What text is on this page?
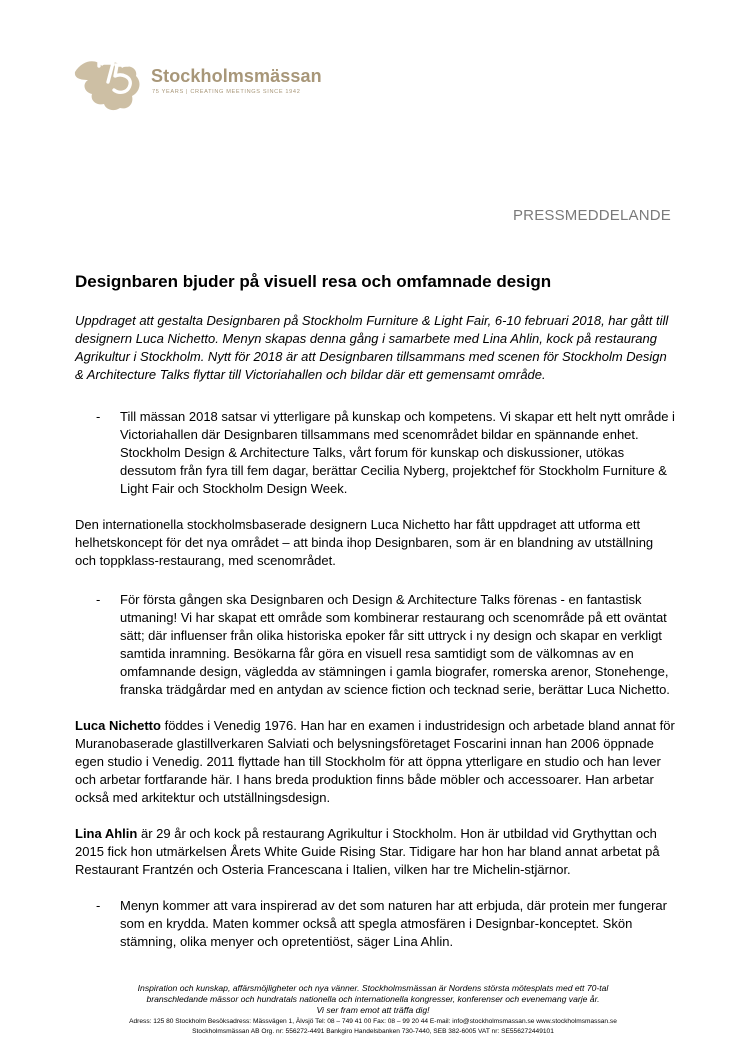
Stockholmsmässan
75 YEARS | CREATING MEETINGS SINCE 1942
PRESSMEDDELANDE
Designbaren bjuder på visuell resa och omfamnade design

Uppdraget att gestalta Designbaren på Stockholm Furniture & Light Fair, 6-10 februari 2018, har gått till designern Luca Nichetto. Menyn skapas denna gång i samarbete med Lina Ahlin, kock på restaurang Agrikultur i Stockholm. Nytt för 2018 är att Designbaren tillsammans med scenen för Stockholm Design & Architecture Talks flyttar till Victoriahallen och bildar där ett gemensamt område.

- Till mässan 2018 satsar vi ytterligare på kunskap och kompetens. Vi skapar ett helt nytt område i Victoriahallen där Designbaren tillsammans med scenområdet bildar en spännande enhet. Stockholm Design & Architecture Talks, vårt forum för kunskap och diskussioner, utökas dessutom från fyra till fem dagar, berättar Cecilia Nyberg, projektchef för Stockholm Furniture & Light Fair och Stockholm Design Week.

Den internationella stockholmsbaserade designern Luca Nichetto har fått uppdraget att utforma ett helhetskoncept för det nya området – att binda ihop Designbaren, som är en blandning av utställning och toppklass-restaurang, med scenområdet.

- För första gången ska Designbaren och Design & Architecture Talks förenas - en fantastisk utmaning! Vi har skapat ett område som kombinerar restaurang och scenområde på ett oväntat sätt; där influenser från olika historiska epoker får sitt uttryck i ny design och skapar en verkligt samtida inramning. Besökarna får göra en visuell resa samtidigt som de välkomnas av en omfamnande design, vägledda av stämningen i gamla biografer, romerska arenor, Stonehenge, franska trädgårdar med en antydan av science fiction och tecknad serie, berättar Luca Nichetto.

Luca Nichetto föddes i Venedig 1976. Han har en examen i industridesign och arbetade bland annat för Muranobaserade glastillverkaren Salviati och belysningsföretaget Foscarini innan han 2006 öppnade egen studio i Venedig. 2011 flyttade han till Stockholm för att öppna ytterligare en studio och han lever och arbetar fortfarande här. I hans breda produktion finns både möbler och accessoarer. Han arbetar också med arkitektur och utställningsdesign.

Lina Ahlin är 29 år och kock på restaurang Agrikultur i Stockholm. Hon är utbildad vid Grythyttan och 2015 fick hon utmärkelsen Årets White Guide Rising Star. Tidigare har hon har bland annat arbetat på Restaurant Frantzén och Osteria Francescana i Italien, vilken har tre Michelin-stjärnor.

- Menyn kommer att vara inspirerad av det som naturen har att erbjuda, där protein mer fungerar som en krydda. Maten kommer också att spegla atmosfären i Designbar-konceptet. Skön stämning, olika menyer och opretentiöst, säger Lina Ahlin.

Inspiration och kunskap, affärsmöjligheter och nya vänner. Stockholmsmässan är Nordens största mötesplats med ett 70-tal

branschledande mässor och hundratals nationella och internationella kongresser, konferenser och evenemang varje år.

Vi ser fram emot att träffa dig!

Adress: 125 80 Stockholm Besöksadress: Mässvägen 1, Älvsjö Tel: 08 – 749 41 00 Fax: 08 – 99 20 44 E-mail: info@stockholmsmassan.se www.stockholmsmassan.se

Stockholmsmässan AB Org. nr: 556272-4491 Bankgiro Handelsbanken 730-7440, SEB 382-6005 VAT nr: SE556272449101
